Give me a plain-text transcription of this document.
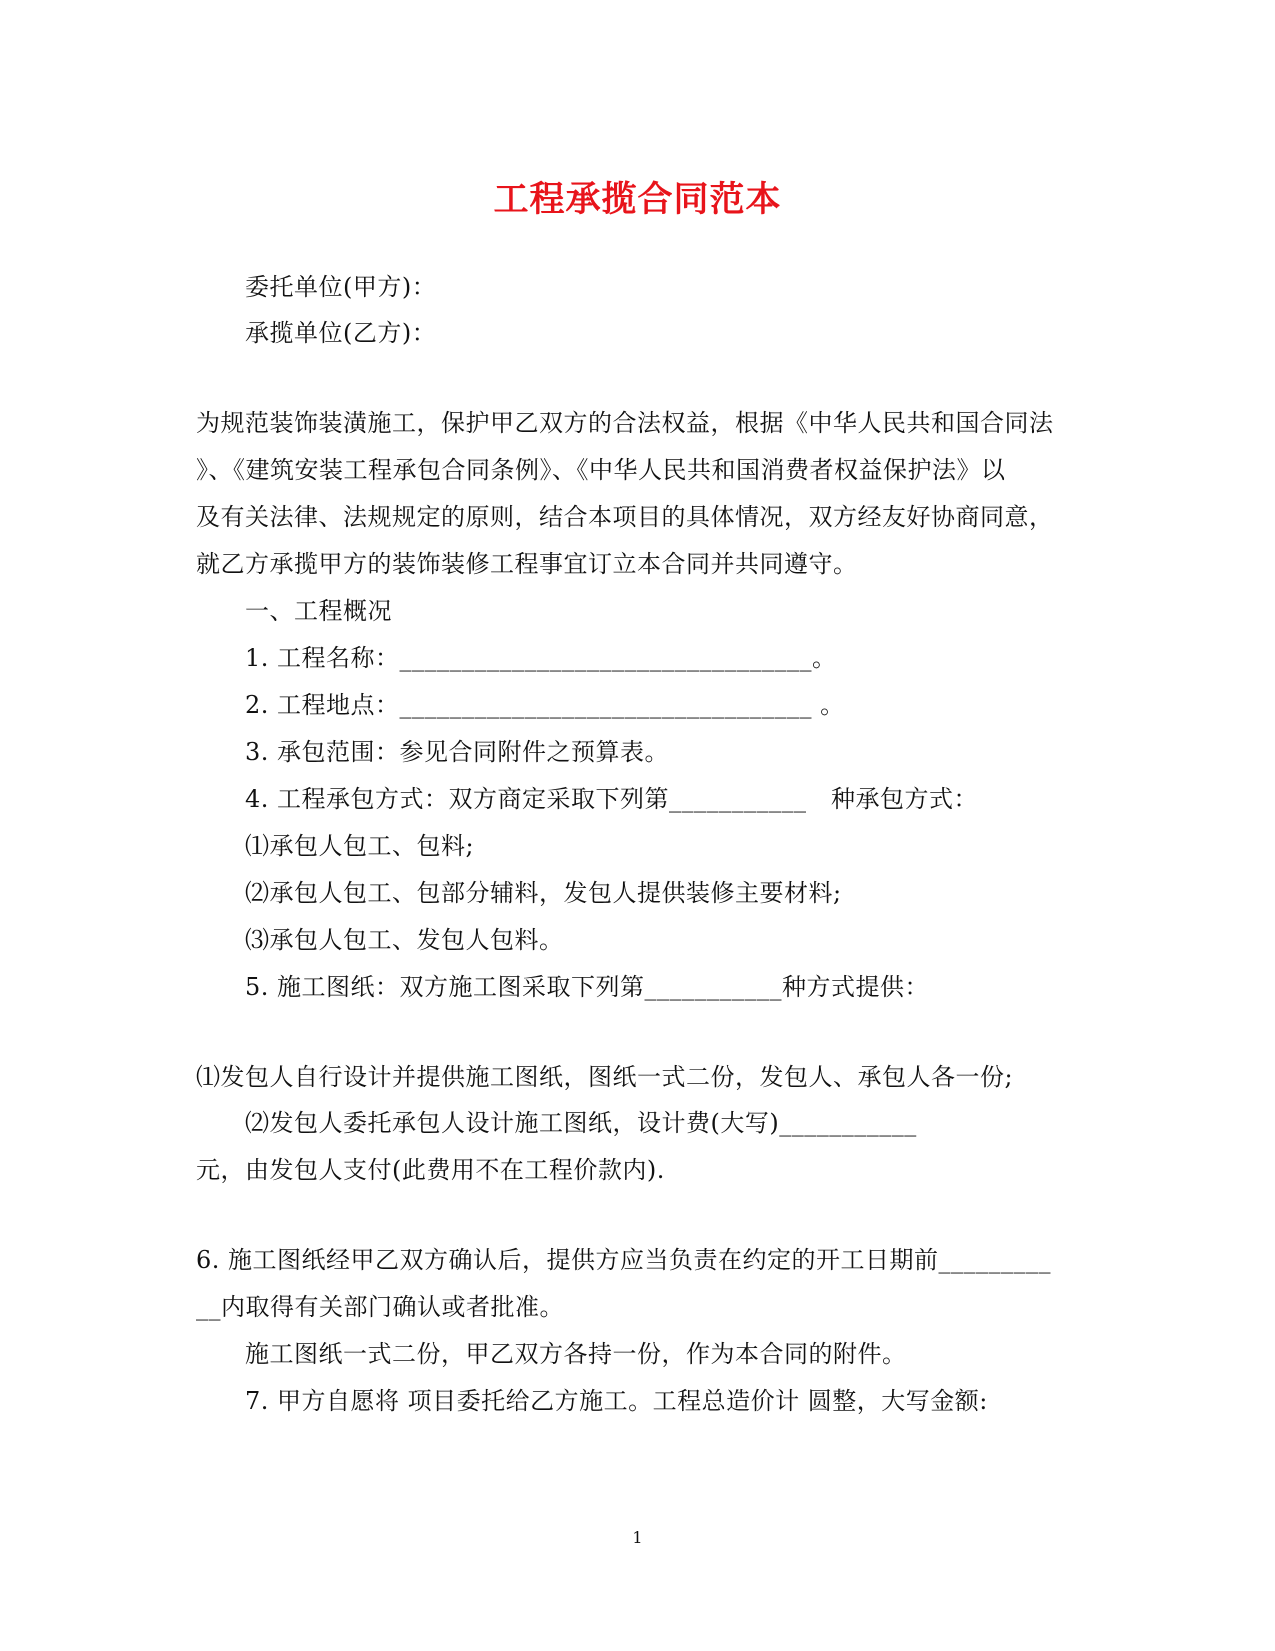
工程承揽合同范本
委托单位(甲方)：
承揽单位(乙方)：
为规范装饰装潢施工，保护甲乙双方的合法权益，根据《中华人民共和国合同法
》、《建筑安装工程承包合同条例》、《中华人民共和国消费者权益保护法》以
及有关法律、法规规定的原则，结合本项目的具体情况，双方经友好协商同意，
就乙方承揽甲方的装饰装修工程事宜订立本合同并共同遵守。
一、工程概况
1. 工程名称：_________________________________。
2. 工程地点：_________________________________ 。
3. 承包范围：参见合同附件之预算表。
4. 工程承包方式：双方商定采取下列第___________　种承包方式：
⑴承包人包工、包料;
⑵承包人包工、包部分辅料，发包人提供装修主要材料;
⑶承包人包工、发包人包料。
5. 施工图纸：双方施工图采取下列第___________种方式提供：
⑴发包人自行设计并提供施工图纸，图纸一式二份，发包人、承包人各一份;
⑵发包人委托承包人设计施工图纸，设计费(大写)___________
元，由发包人支付(此费用不在工程价款内).
6. 施工图纸经甲乙双方确认后，提供方应当负责在约定的开工日期前_________
__内取得有关部门确认或者批准。
施工图纸一式二份，甲乙双方各持一份，作为本合同的附件。
7. 甲方自愿将 项目委托给乙方施工。工程总造价计 圆整，大写金额:
1
